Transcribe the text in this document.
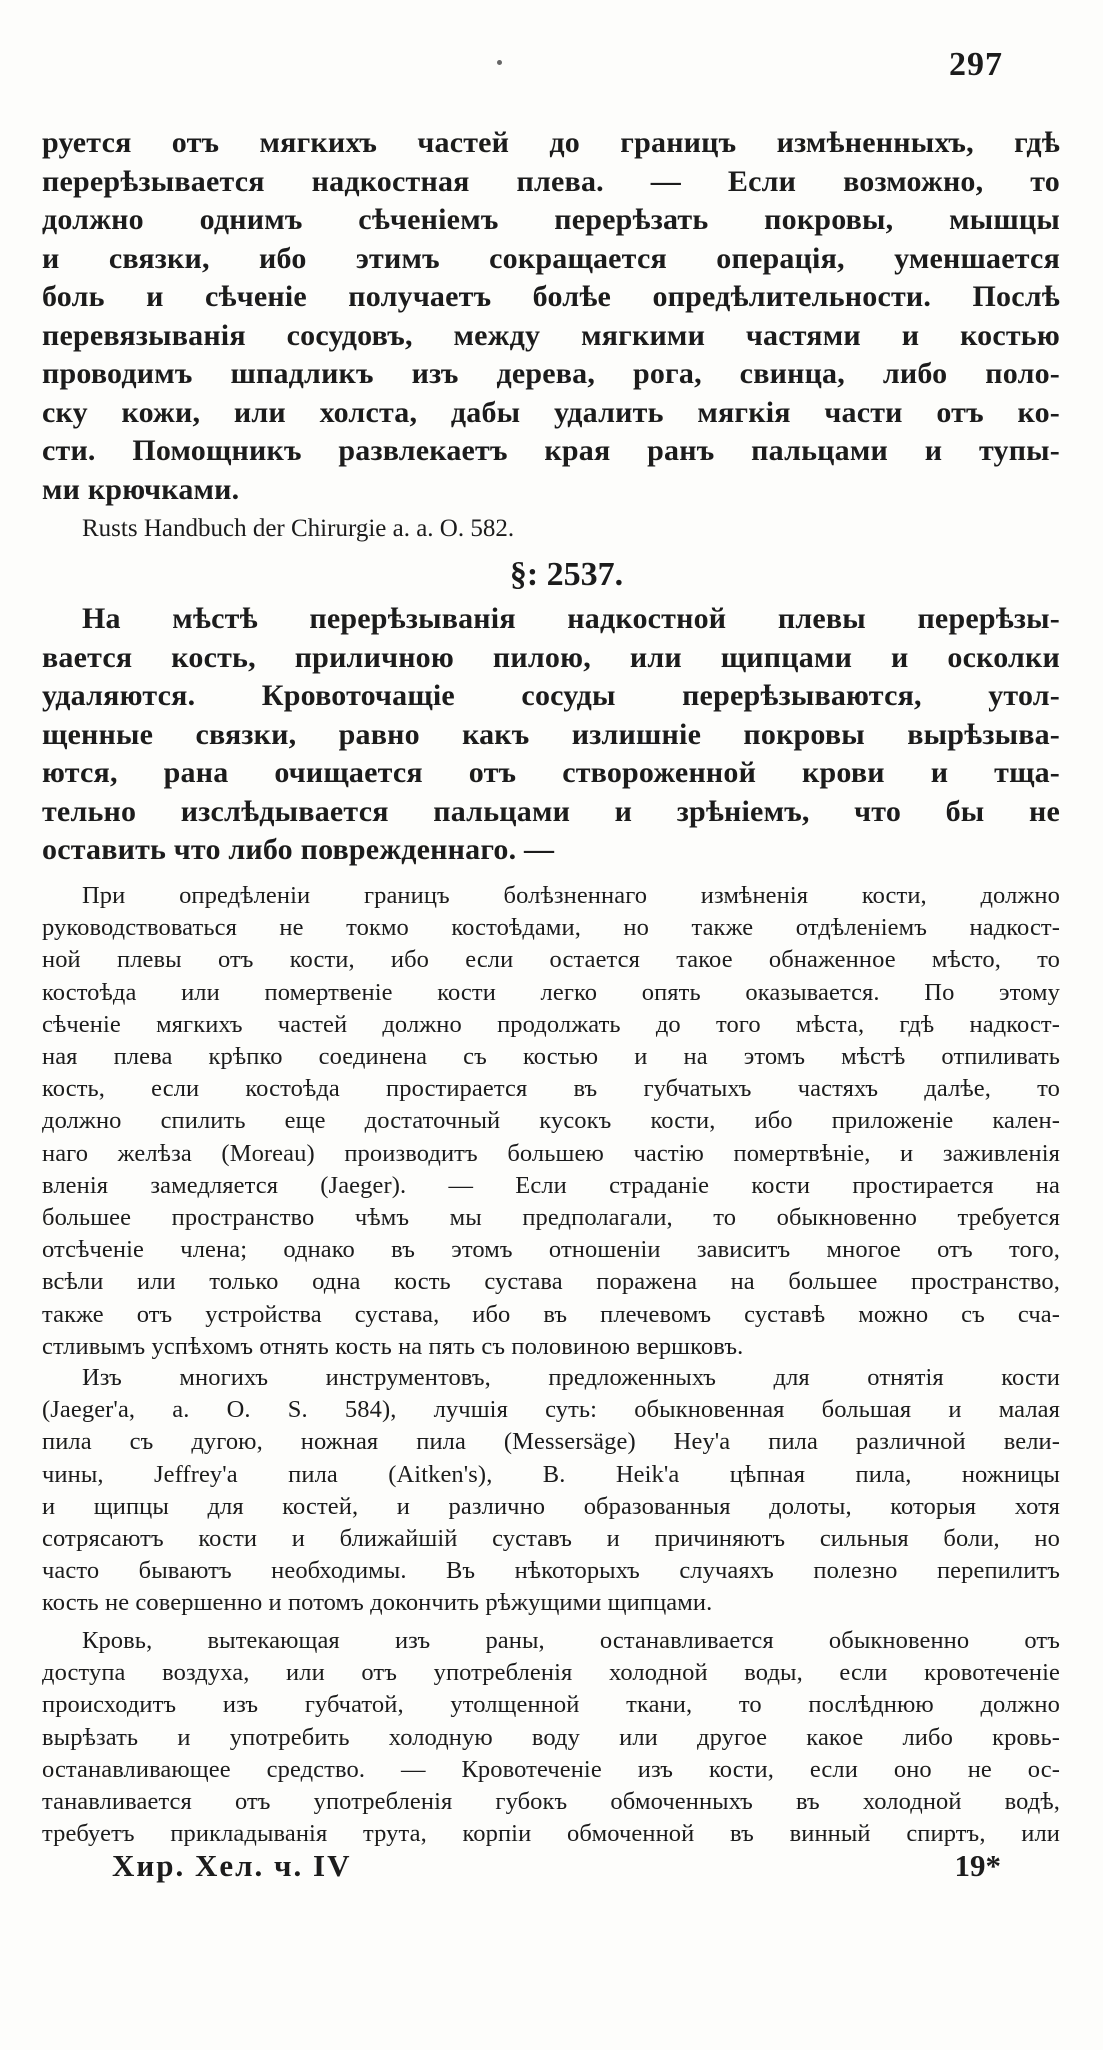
297
руется отъ мягкихъ частей до границъ измѣненныхъ, гдѣ
перерѣзывается надкостная плева. — Если возможно, то
должно однимъ сѣченіемъ перерѣзать покровы, мышцы
и связки, ибо этимъ сокращается операція, уменшается
боль и сѣченіе получаетъ болѣе опредѣлительности. Послѣ
перевязыванія сосудовъ, между мягкими частями и костью
проводимъ шпадликъ изъ дерева, рога, свинца, либо поло-
ску кожи, или холста, дабы удалить мягкія части отъ ко-
сти. Помощникъ развлекаетъ края ранъ пальцами и тупы-
ми крючками.
Rusts Handbuch der Chirurgie a. a. O. 582.
§: 2537.
На мѣстѣ перерѣзыванія надкостной плевы перерѣзы-
вается кость, приличною пилою, или щипцами и осколки
удаляются. Кровоточащіе сосуды перерѣзываются, утол-
щенные связки, равно какъ излишніе покровы вырѣзыва-
ются, рана очищается отъ створоженной крови и тща-
тельно изслѣдывается пальцами и зрѣніемъ, что бы не
оставить что либо поврежденнаго. —
При опредѣленіи границъ болѣзненнаго измѣненія кости, должно
руководствоваться не токмо костоѣдами, но также отдѣленіемъ надкост-
ной плевы отъ кости, ибо если остается такое обнаженное мѣсто, то
костоѣда или помертвеніе кости легко опять оказывается. По этому
сѣченіе мягкихъ частей должно продолжать до того мѣста, гдѣ надкост-
ная плева крѣпко соединена съ костью и на этомъ мѣстѣ отпиливать
кость, если костоѣда простирается въ губчатыхъ частяхъ далѣе, то
должно спилить еще достаточный кусокъ кости, ибо приложеніе кален-
наго желѣза (Moreau) производитъ большею частію помертвѣніе, и заживленія
вленія замедляется (Jaeger). — Если страданіе кости простирается на
большее пространство чѣмъ мы предполагали, то обыкновенно требуется
отсѣченіе члена; однако въ этомъ отношеніи зависитъ многое отъ того,
всѣли или только одна кость сустава поражена на большее пространство,
также отъ устройства сустава, ибо въ плечевомъ суставѣ можно съ сча-
стливымъ успѣхомъ отнять кость на пять съ половиною вершковъ.
Изъ многихъ инструментовъ, предложенныхъ для отнятія кости
(Jaeger'a, a. O. S. 584), лучшія суть: обыкновенная большая и малая
пила съ дугою, ножная пила (Messersäge) Hey'a пила различной вели-
чины, Jeffrey'a пила (Aitken's), B. Heik'a цѣпная пила, ножницы
и щипцы для костей, и различно образованныя долоты, которыя хотя
сотрясаютъ кости и ближайшій суставъ и причиняютъ сильныя боли, но
часто бываютъ необходимы. Въ нѣкоторыхъ случаяхъ полезно перепилитъ
кость не совершенно и потомъ докончить рѣжущими щипцами.
Кровь, вытекающая изъ раны, останавливается обыкновенно отъ
доступа воздуха, или отъ употребленія холодной воды, если кровотеченіе
происходитъ изъ губчатой, утолщенной ткани, то послѣднюю должно
вырѣзать и употребить холодную воду или другое какое либо кровь-
останавливающее средство. — Кровотеченіе изъ кости, если оно не ос-
танавливается отъ употребленія губокъ обмоченныхъ въ холодной водѣ,
требуетъ прикладыванія трута, корпіи обмоченной въ винный спиртъ, или
Хир. Хел. ч. IV	19*
